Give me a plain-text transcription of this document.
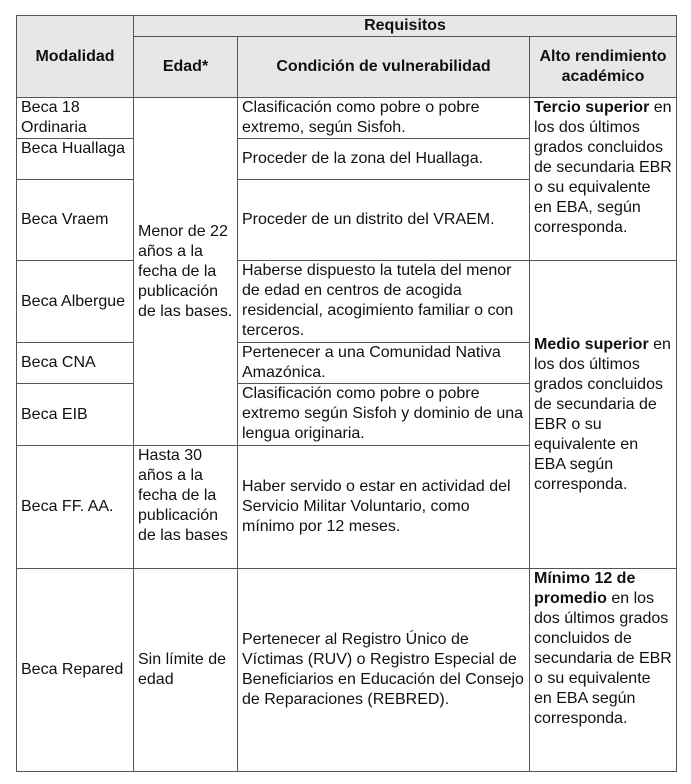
Modalidad	Requisitos		
	Edad*	Condición de vulnerabilidad	Alto rendimiento académico
Beca 18 Ordinaria	Menor de 22 años a la fecha de la publicación de las bases.	Clasificación como pobre o pobre extremo, según Sisfoh.	Tercio superior en los dos últimos grados concluidos de secundaria EBR o su equivalente en EBA, según corresponda.
Beca Huallaga		Proceder de la zona del Huallaga.	
Beca Vraem		Proceder de un distrito del VRAEM.	
Beca Albergue		Haberse dispuesto la tutela del menor de edad en centros de acogida residencial, acogimiento familiar o con terceros.	Medio superior en los dos últimos grados concluidos de secundaria de EBR o su equivalente en EBA según corresponda.
Beca CNA		Pertenecer a una Comunidad Nativa Amazónica.	
Beca EIB		Clasificación como pobre o pobre extremo según Sisfoh y dominio de una lengua originaria.	
Beca FF. AA.	Hasta 30 años a la fecha de la publicación de las bases	Haber servido o estar en actividad del Servicio Militar Voluntario, como mínimo por 12 meses.	
Beca Repared	Sin límite de edad	Pertenecer al Registro Único de Víctimas (RUV) o Registro Especial de Beneficiarios en Educación del Consejo de Reparaciones (REBRED).	Mínimo 12 de promedio en los dos últimos grados concluidos de secundaria de EBR o su equivalente en EBA según corresponda.
